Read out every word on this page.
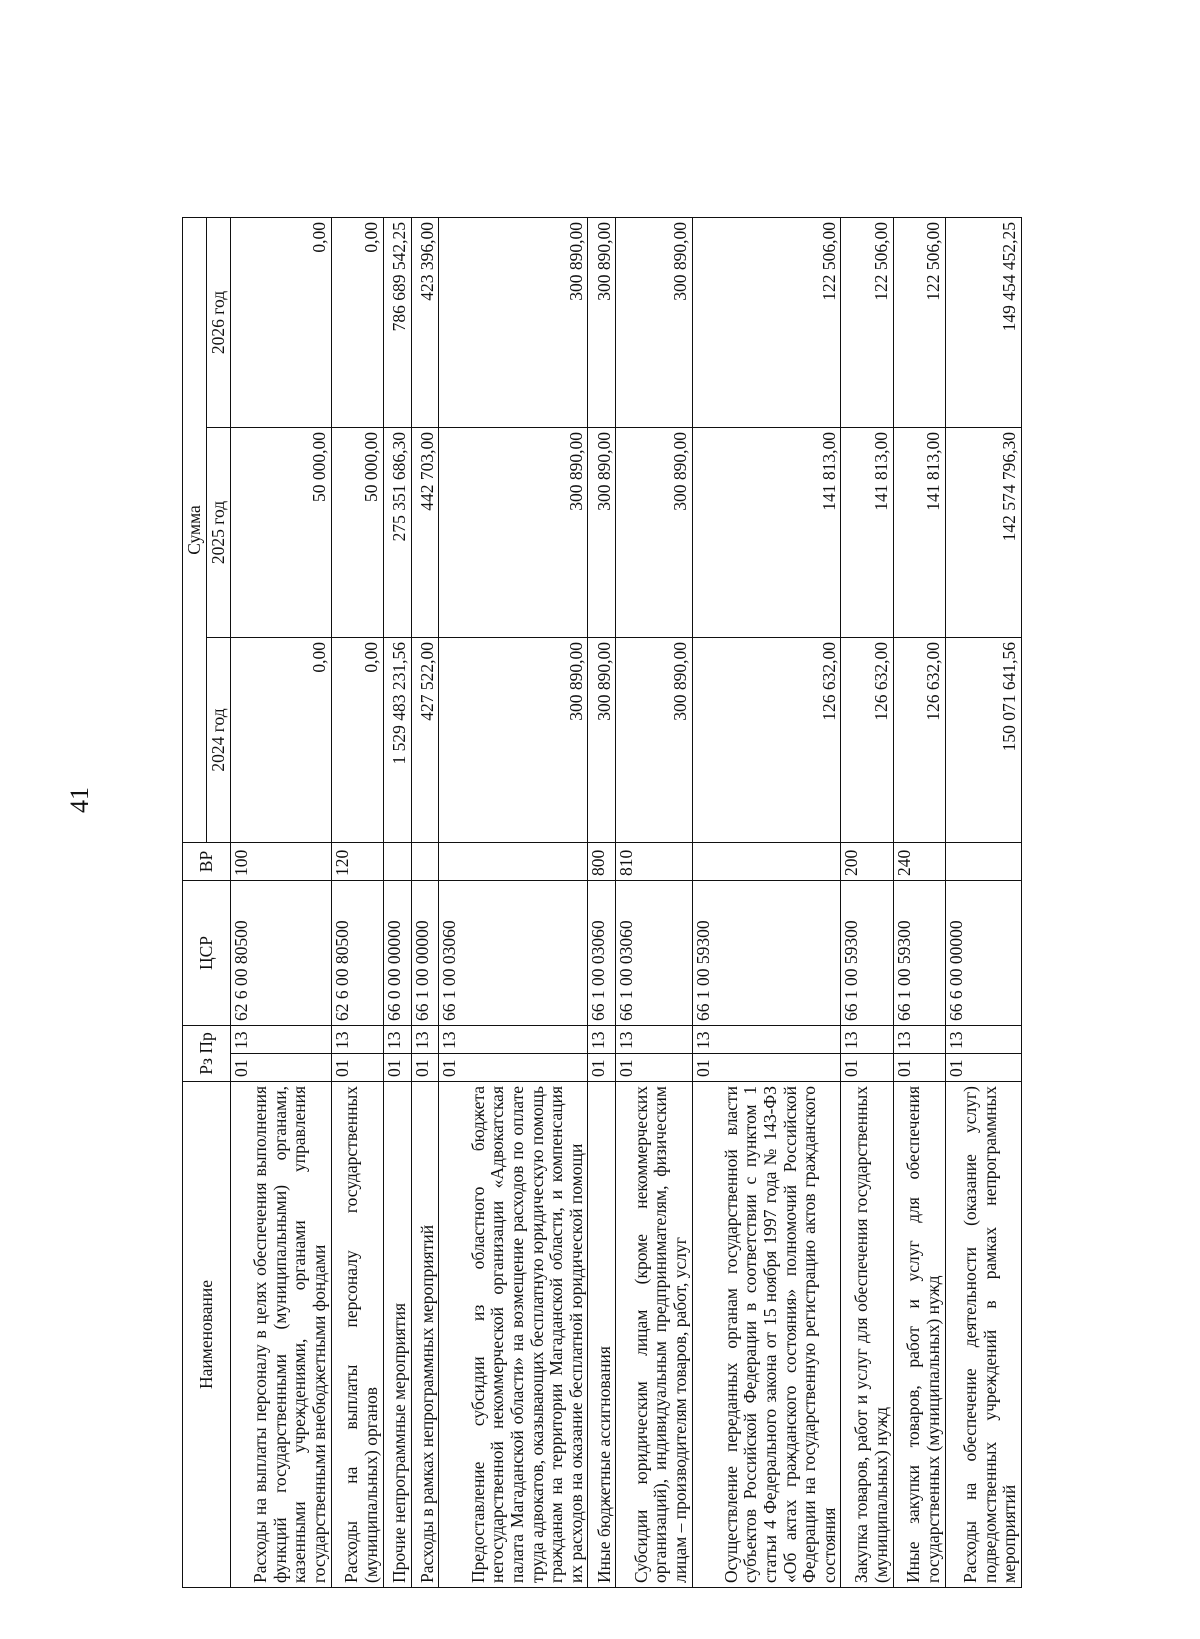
41
Наименование	Рз Пр		ЦСР	ВР	Сумма		
					2024 год	2025 год	2026 год
Расходы на выплаты персоналу в целях обеспечения выполнения функций государственными (муниципальными) органами, казенными учреждениями, органами управления государственными внебюджетными фондами	01	13	62 6 00 80500	100	0,00	50 000,00	0,00
Расходы на выплаты персоналу государственных (муниципальных) органов	01	13	62 6 00 80500	120	0,00	50 000,00	0,00
Прочие непрограммные мероприятия	01	13	66 0 00 00000		1 529 483 231,56	275 351 686,30	786 689 542,25
Расходы в рамках непрограммных мероприятий	01	13	66 1 00 00000		427 522,00	442 703,00	423 396,00
Предоставление субсидии из областного бюджета негосударственной некоммерческой организации «Адвокатская палата Магаданской области» на возмещение расходов по оплате труда адвокатов, оказывающих бесплатную юридическую помощь гражданам на территории Магаданской области, и компенсация их расходов на оказание бесплатной юридической помощи	01	13	66 1 00 03060		300 890,00	300 890,00	300 890,00
Иные бюджетные ассигнования	01	13	66 1 00 03060	800	300 890,00	300 890,00	300 890,00
Субсидии юридическим лицам (кроме некоммерческих организаций), индивидуальным предпринимателям, физическим лицам – производителям товаров, работ, услуг	01	13	66 1 00 03060	810	300 890,00	300 890,00	300 890,00
Осуществление переданных органам государственной власти субъектов Российской Федерации в соответствии с пунктом 1 статьи 4 Федерального закона от 15 ноября 1997 года № 143-ФЗ «Об актах гражданского состояния» полномочий Российской Федерации на государственную регистрацию актов гражданского состояния	01	13	66 1 00 59300		126 632,00	141 813,00	122 506,00
Закупка товаров, работ и услуг для обеспечения государственных (муниципальных) нужд	01	13	66 1 00 59300	200	126 632,00	141 813,00	122 506,00
Иные закупки товаров, работ и услуг для обеспечения государственных (муниципальных) нужд	01	13	66 1 00 59300	240	126 632,00	141 813,00	122 506,00
Расходы на обеспечение деятельности (оказание услуг) подведомственных учреждений в рамках непрограммных мероприятий	01	13	66 6 00 00000		150 071 641,56	142 574 796,30	149 454 452,25
